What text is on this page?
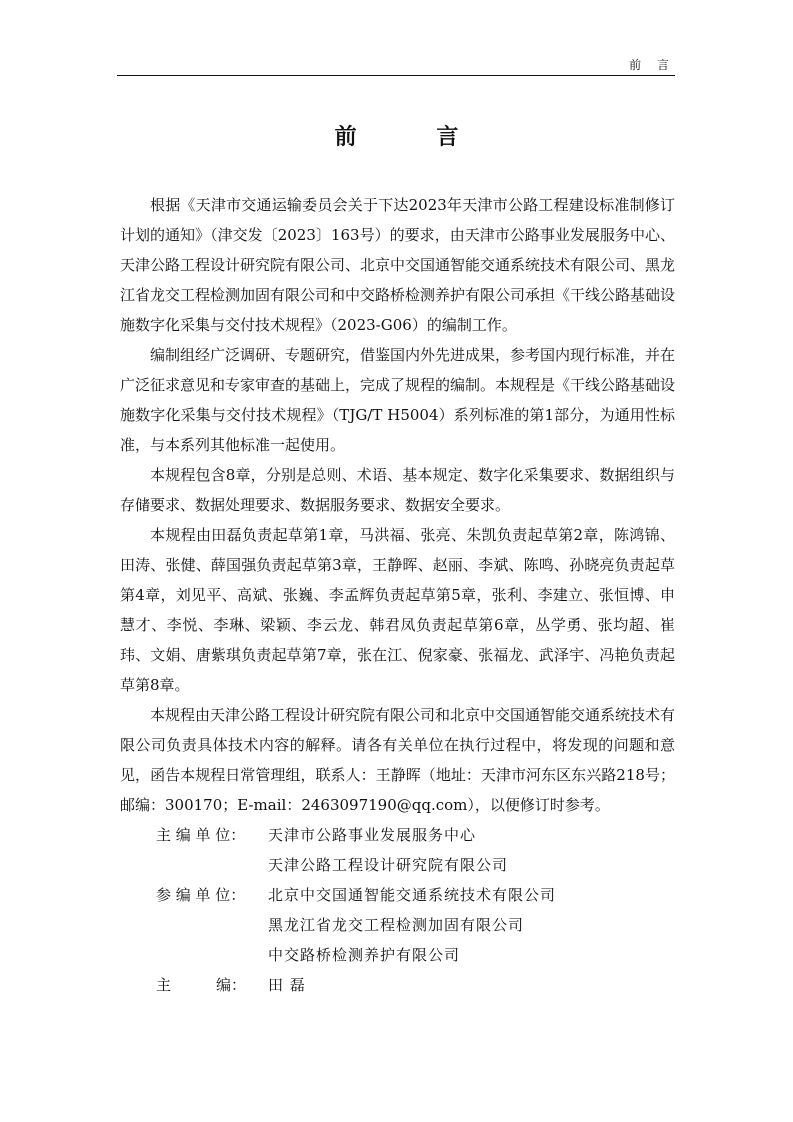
前 言
前 言

根据《天津市交通运输委员会关于下达2023年天津市公路工程建设标准制修订计划的通知》（津交发〔2023〕163号）的要求，由天津市公路事业发展服务中心、天津公路工程设计研究院有限公司、北京中交国通智能交通系统技术有限公司、黑龙江省龙交工程检测加固有限公司和中交路桥检测养护有限公司承担《干线公路基础设施数字化采集与交付技术规程》（2023-G06）的编制工作。

编制组经广泛调研、专题研究，借鉴国内外先进成果，参考国内现行标准，并在广泛征求意见和专家审查的基础上，完成了规程的编制。本规程是《干线公路基础设施数字化采集与交付技术规程》（TJG/T H5004）系列标准的第1部分，为通用性标准，与本系列其他标准一起使用。

本规程包含8章，分别是总则、术语、基本规定、数字化采集要求、数据组织与存储要求、数据处理要求、数据服务要求、数据安全要求。

本规程由田磊负责起草第1章，马洪福、张亮、朱凯负责起草第2章，陈鸿锦、田涛、张健、薛国强负责起草第3章，王静晖、赵丽、李斌、陈鸣、孙晓亮负责起草第4章，刘见平、高斌、张巍、李孟辉负责起草第5章，张利、李建立、张恒博、申慧才、李悦、李琳、梁颖、李云龙、韩君凤负责起草第6章，丛学勇、张均超、崔玮、文娟、唐紫琪负责起草第7章，张在江、倪家豪、张福龙、武泽宇、冯艳负责起草第8章。

本规程由天津公路工程设计研究院有限公司和北京中交国通智能交通系统技术有限公司负责具体技术内容的解释。请各有关单位在执行过程中，将发现的问题和意见，函告本规程日常管理组，联系人：王静晖（地址：天津市河东区东兴路218号；邮编：300170；E-mail：2463097190@qq.com），以便修订时参考。

主 编 单 位：	天津市公路事业发展服务中心
天津公路工程设计研究院有限公司
参 编 单 位：	北京中交国通智能交通系统技术有限公司
黑龙江省龙交工程检测加固有限公司
中交路桥检测养护有限公司
主　　　编：	田 磊
